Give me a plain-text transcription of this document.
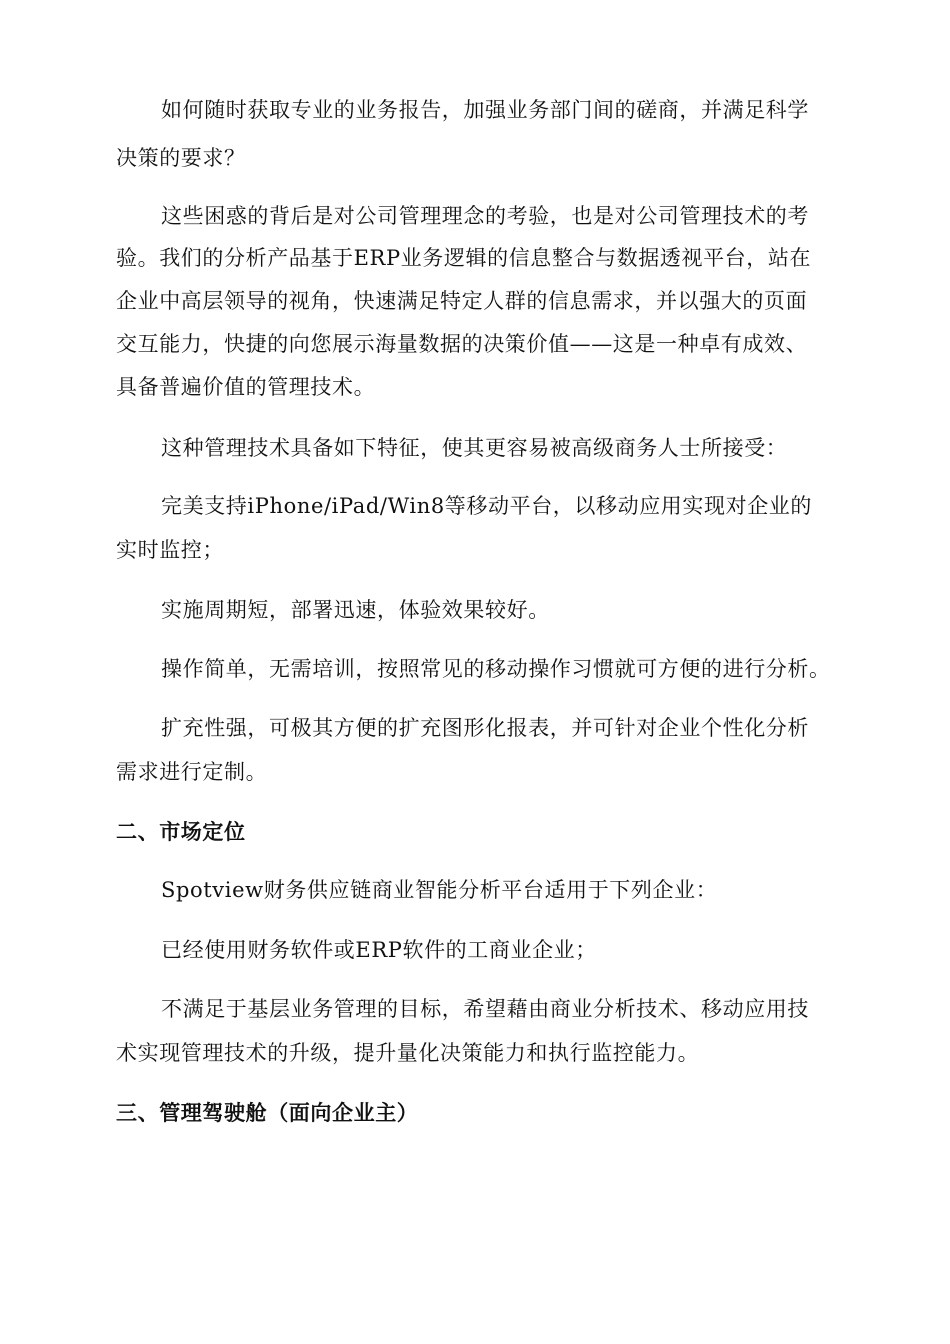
如何随时获取专业的业务报告，加强业务部门间的磋商，并满足科学
决策的要求？
这些困惑的背后是对公司管理理念的考验，也是对公司管理技术的考
验。我们的分析产品基于ERP业务逻辑的信息整合与数据透视平台，站在
企业中高层领导的视角，快速满足特定人群的信息需求，并以强大的页面
交互能力，快捷的向您展示海量数据的决策价值——这是一种卓有成效、
具备普遍价值的管理技术。
这种管理技术具备如下特征，使其更容易被高级商务人士所接受：
完美支持iPhone/iPad/Win8等移动平台，以移动应用实现对企业的
实时监控；
实施周期短，部署迅速，体验效果较好。
操作简单，无需培训，按照常见的移动操作习惯就可方便的进行分析。
扩充性强，可极其方便的扩充图形化报表，并可针对企业个性化分析
需求进行定制。
二、市场定位
Spotview财务供应链商业智能分析平台适用于下列企业：
已经使用财务软件或ERP软件的工商业企业；
不满足于基层业务管理的目标，希望藉由商业分析技术、移动应用技
术实现管理技术的升级，提升量化决策能力和执行监控能力。
三、管理驾驶舱（面向企业主）
